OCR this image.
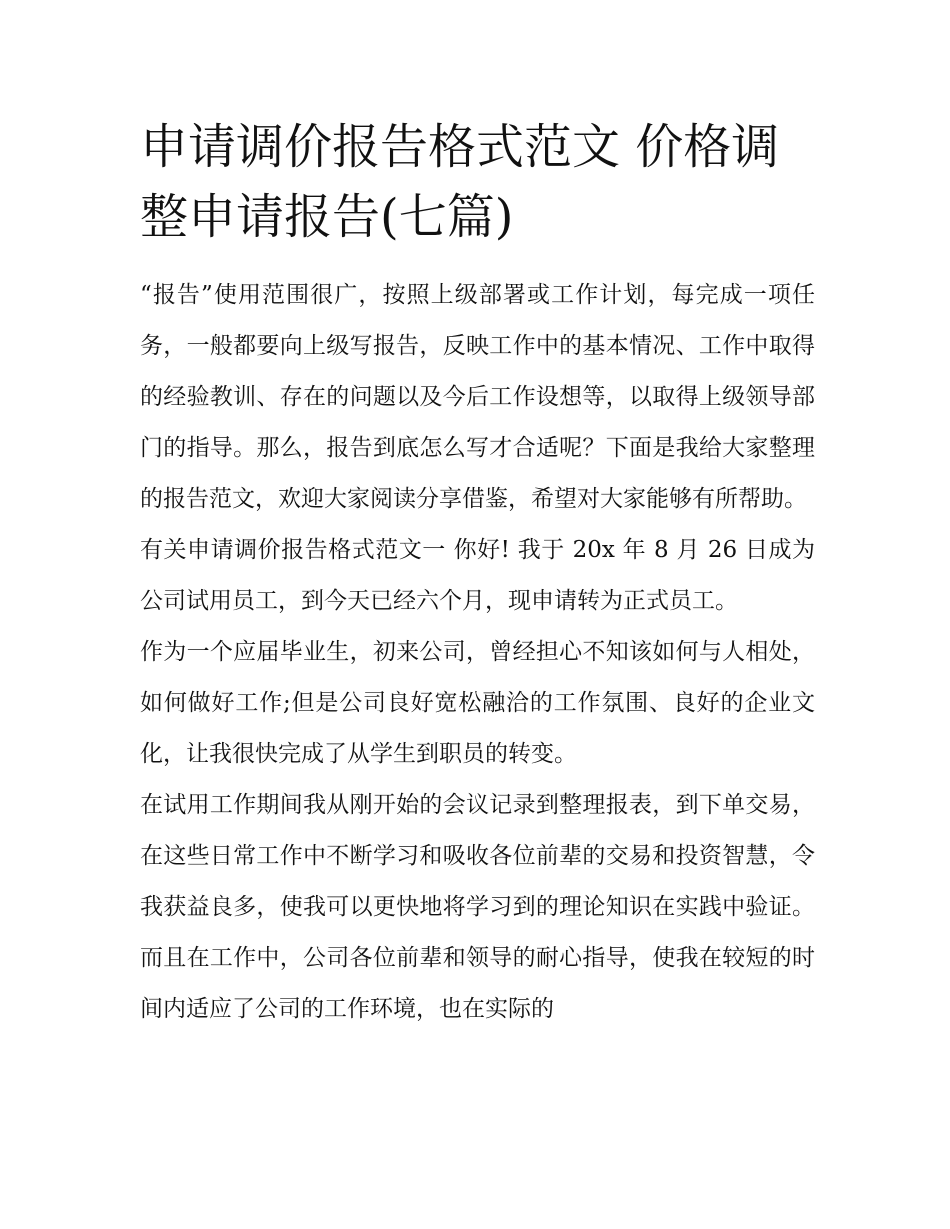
申请调价报告格式范文 价格调整申请报告(七篇)

“报告”使用范围很广，按照上级部署或工作计划，每完成一项任务，一般都要向上级写报告，反映工作中的基本情况、工作中取得的经验教训、存在的问题以及今后工作设想等，以取得上级领导部门的指导。那么，报告到底怎么写才合适呢？下面是我给大家整理的报告范文，欢迎大家阅读分享借鉴，希望对大家能够有所帮助。

有关申请调价报告格式范文一 你好! 我于 20x 年 8 月 26 日成为公司试用员工，到今天已经六个月，现申请转为正式员工。

作为一个应届毕业生，初来公司，曾经担心不知该如何与人相处，如何做好工作;但是公司良好宽松融洽的工作氛围、良好的企业文化，让我很快完成了从学生到职员的转变。

在试用工作期间我从刚开始的会议记录到整理报表，到下单交易，在这些日常工作中不断学习和吸收各位前辈的交易和投资智慧，令我获益良多，使我可以更快地将学习到的理论知识在实践中验证。而且在工作中，公司各位前辈和领导的耐心指导，使我在较短的时间内适应了公司的工作环境，也在实际的
